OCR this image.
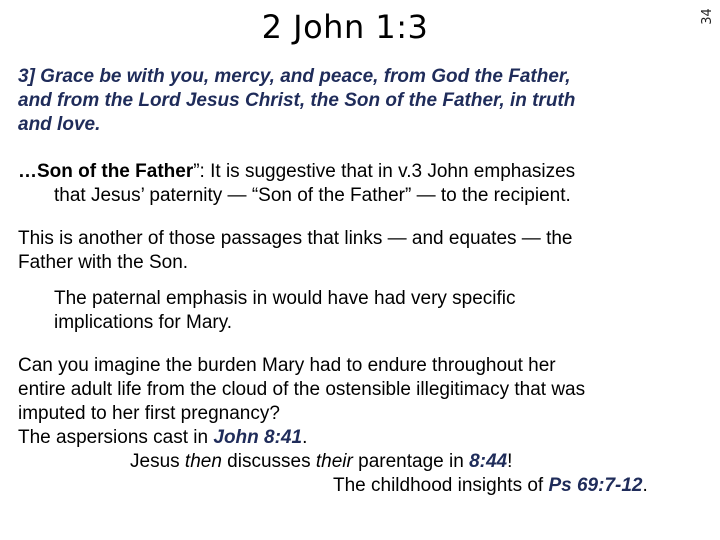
2 John 1:3	34
3] Grace be with you, mercy, and peace, from God the Father,
and from the Lord Jesus Christ, the Son of the Father, in truth
and love.
…Son of the Father”: It is suggestive that in v.3 John emphasizes
that Jesus’ paternity — “Son of the Father” — to the recipient.
This is another of those passages that links — and equates — the
Father with the Son.
The paternal emphasis in would have had very specific
implications for Mary.
Can you imagine the burden Mary had to endure throughout her
entire adult life from the cloud of the ostensible illegitimacy that was
imputed to her first pregnancy?
The aspersions cast in John 8:41.
Jesus then discusses their parentage in 8:44!
The childhood insights of Ps 69:7-12.
